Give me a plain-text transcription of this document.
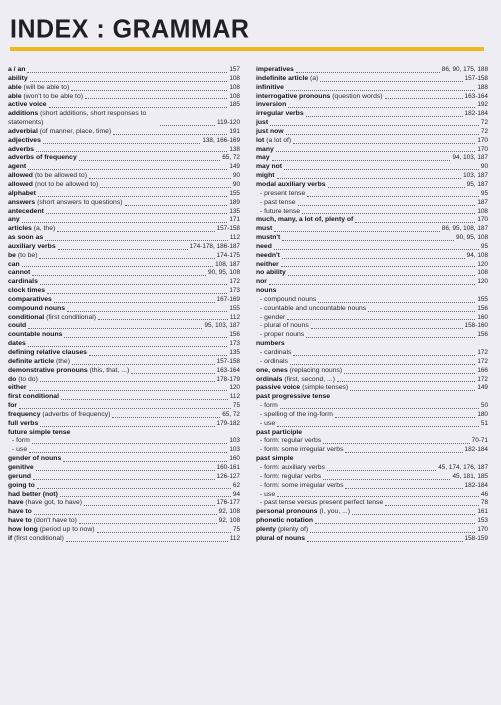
INDEX : GRAMMAR
a / an	157
ability	108
able (will be able to)	108
able (won't to be able to)	108
active voice	185
additions (short additions, short responses to statements)	119-120
adverbial (of manner, place, time)	191
adjectives	138, 166-169
adverbs	138
adverbs of frequency	65, 72
agent	149
allowed (to be allowed to)	90
allowed (not to be allowed to)	90
alphabet	155
answers (short answers to questions)	189
antecedent	135
any	171
articles (a, the)	157-158
as soon as	112
auxiliary verbs	174-178, 186-187
be (to be)	174-175
can	108, 187
cannot	90, 95, 108
cardinals	172
clock times	173
comparatives	167-169
compound nouns	155
conditional (first conditional)	112
could	95, 103, 187
countable nouns	156
dates	173
defining relative clauses	135
definite article (the)	157-158
demonstrative pronouns (this, that, ...)	163-164
do (to do)	178-179
either	120
first conditional	112
for	75
frequency (adverbs of frequency)	65, 72
full verbs	179-182
future simple tense
- form	103
- use	103
gender of nouns	160
genitive	160-161
gerund	126-127
going to	62
had better (not)	94
have (have got, to have)	176-177
have to	92, 108
have to (don't have to)	92, 108
how long (period up to now)	75
if (first conditional)	112
imperatives	86, 90, 175, 188
indefinite article (a)	157-158
infinitive	188
interrogative pronouns (question words)	163-164
inversion	192
irregular verbs	182-184
just	72
just now	72
lot (a lot of)	170
many	170
may	94, 103, 187
may not	90
might	103, 187
modal auxiliary verbs	95, 187
- present tense	95
- past tense	187
- future tense	108
much, many, a lot of, plenty of	170
must	86, 95, 108, 187
mustn't	90, 95, 108
need	95
needn't	94, 108
neither	120
no ability	108
nor	120
nouns
- compound nouns	155
- countable and uncountable nouns	156
- gender	160
- plural of nouns	158-160
- proper nouns	156
numbers
- cardinals	172
- ordinals	172
one, ones (replacing nouns)	166
ordinals (first, second, ...)	172
passive voice (simple tenses)	149
past progressive tense
- form	50
- spelling of the ing-form	180
- use	51
past participle
- form: regular verbs	70-71
- form: some irregular verbs	182-184
past simple
- form: auxiliary verbs	45, 174, 176, 187
- form: regular verbs	45, 181, 185
- form: some irregular verbs	182-184
- use	46
- past tense versus present perfect tense	78
personal pronouns (I, you, ...)	161
phonetic notation	153
plenty (plenty of)	170
plural of nouns	158-159
